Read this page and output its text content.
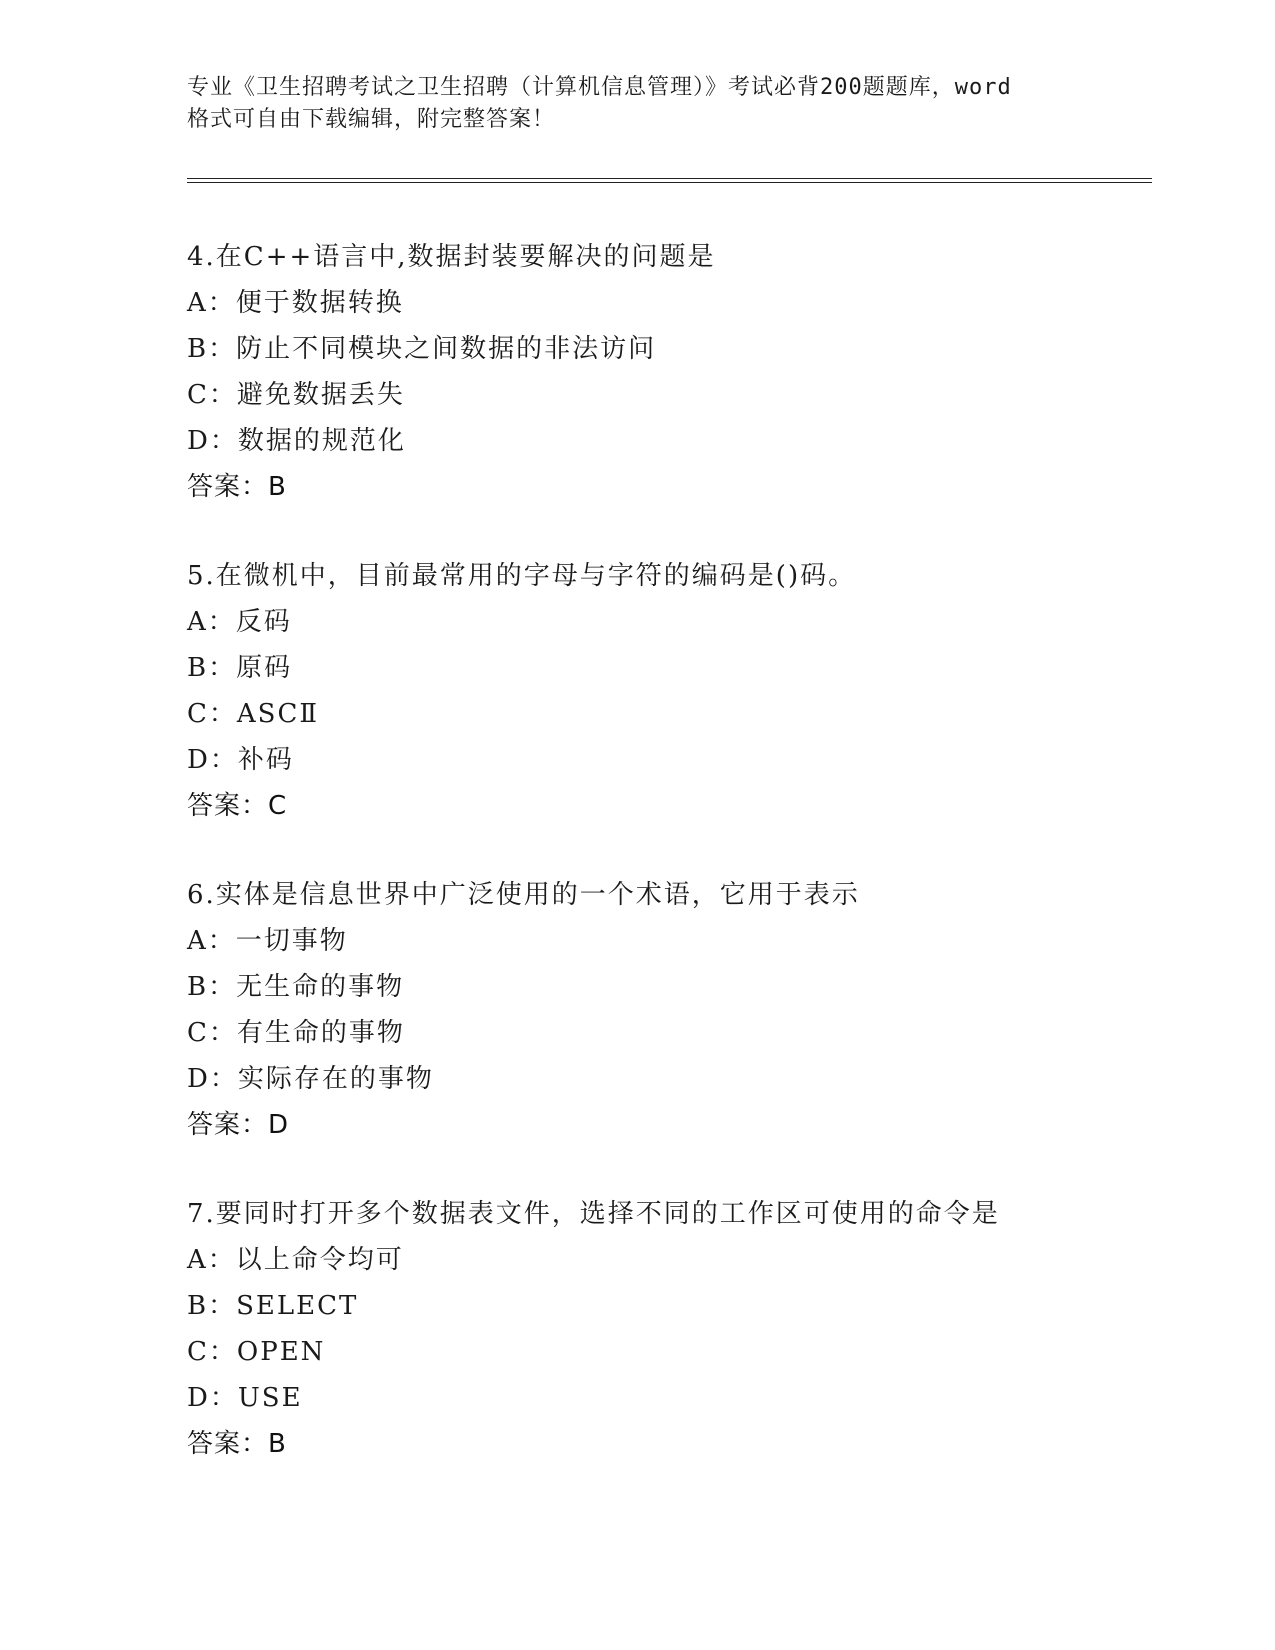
专业《卫生招聘考试之卫生招聘（计算机信息管理）》考试必背200题题库，word
格式可自由下载编辑，附完整答案！
4.在C++语言中,数据封装要解决的问题是
A：便于数据转换
B：防止不同模块之间数据的非法访问
C：避免数据丢失
D：数据的规范化
答案：B
5.在微机中，目前最常用的字母与字符的编码是()码。
A：反码
B：原码
C：ASCⅡ
D：补码
答案：C
6.实体是信息世界中广泛使用的一个术语，它用于表示
A：一切事物
B：无生命的事物
C：有生命的事物
D：实际存在的事物
答案：D
7.要同时打开多个数据表文件，选择不同的工作区可使用的命令是
A：以上命令均可
B：SELECT
C：OPEN
D：USE
答案：B
